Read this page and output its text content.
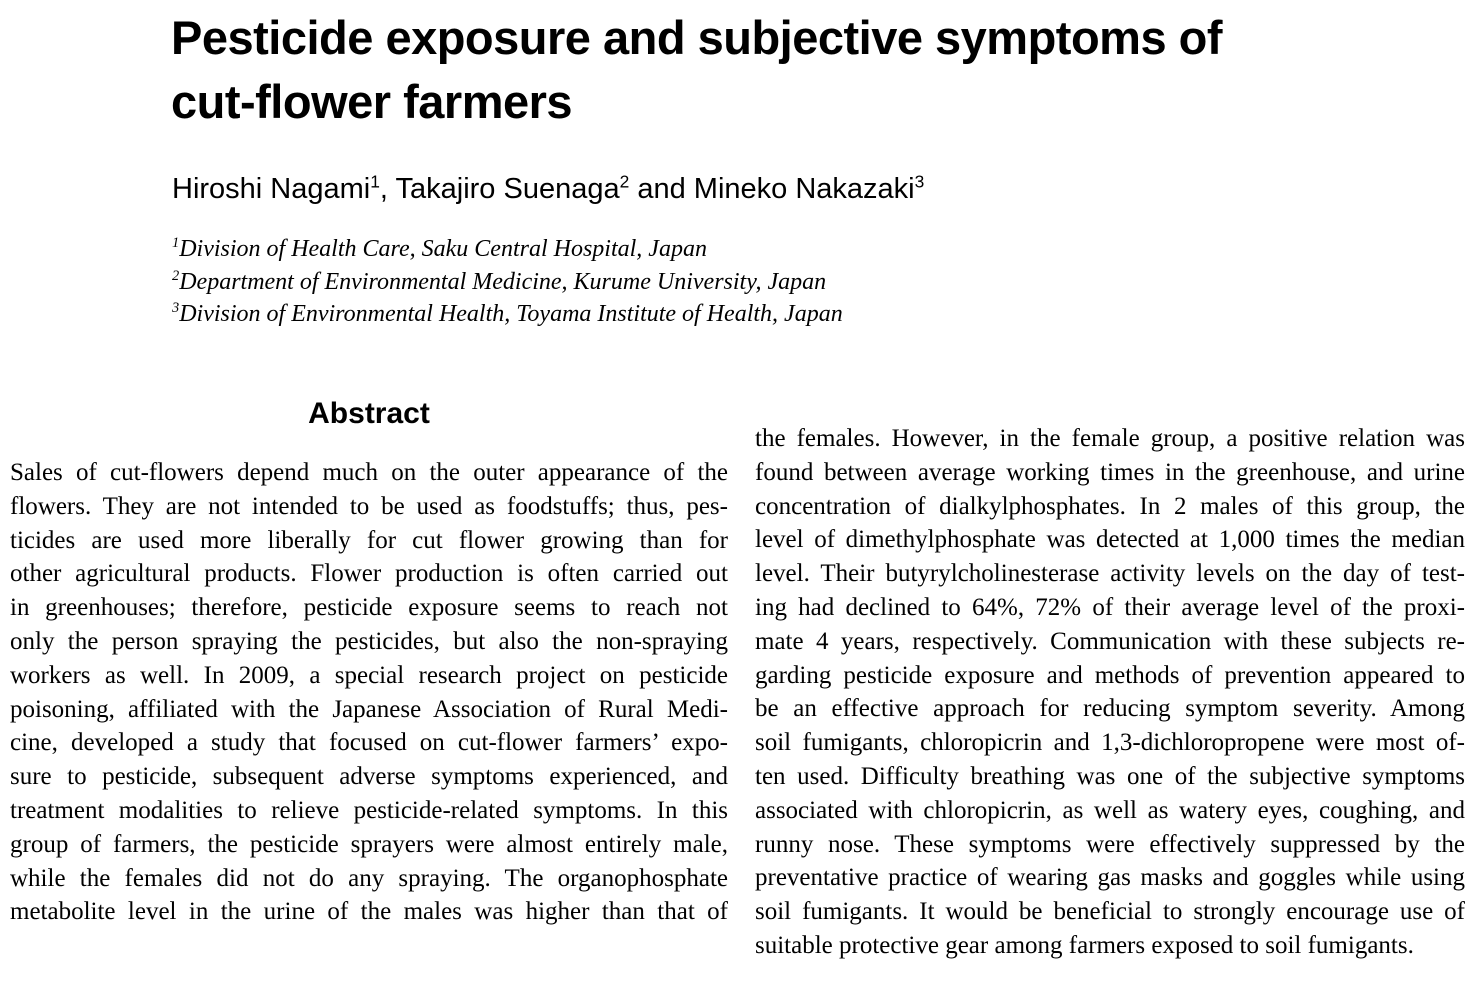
Pesticide exposure and subjective symptoms of
cut-flower farmers
Hiroshi Nagami$^1$, Takajiro Suenaga$^2$ and Mineko Nakazaki$^3$
$^1$Division of Health Care, Saku Central Hospital, Japan
$^2$Department of Environmental Medicine, Kurume University, Japan
$^3$Division of Environmental Health, Toyama Institute of Health, Japan
Abstract
Sales of cut-flowers depend much on the outer appearance of the
flowers. They are not intended to be used as foodstuffs; thus, pes-
ticides are used more liberally for cut flower growing than for
other agricultural products. Flower production is often carried out
in greenhouses; therefore, pesticide exposure seems to reach not
only the person spraying the pesticides, but also the non-spraying
workers as well. In 2009, a special research project on pesticide
poisoning, affiliated with the Japanese Association of Rural Medi-
cine, developed a study that focused on cut-flower farmers’ expo-
sure to pesticide, subsequent adverse symptoms experienced, and
treatment modalities to relieve pesticide-related symptoms. In this
group of farmers, the pesticide sprayers were almost entirely male,
while the females did not do any spraying. The organophosphate
metabolite level in the urine of the males was higher than that of
the females. However, in the female group, a positive relation was
found between average working times in the greenhouse, and urine
concentration of dialkylphosphates. In 2 males of this group, the
level of dimethylphosphate was detected at 1,000 times the median
level. Their butyrylcholinesterase activity levels on the day of test-
ing had declined to 64%, 72% of their average level of the proxi-
mate 4 years, respectively. Communication with these subjects re-
garding pesticide exposure and methods of prevention appeared to
be an effective approach for reducing symptom severity. Among
soil fumigants, chloropicrin and 1,3-dichloropropene were most of-
ten used. Difficulty breathing was one of the subjective symptoms
associated with chloropicrin, as well as watery eyes, coughing, and
runny nose. These symptoms were effectively suppressed by the
preventative practice of wearing gas masks and goggles while using
soil fumigants. It would be beneficial to strongly encourage use of
suitable protective gear among farmers exposed to soil fumigants.
